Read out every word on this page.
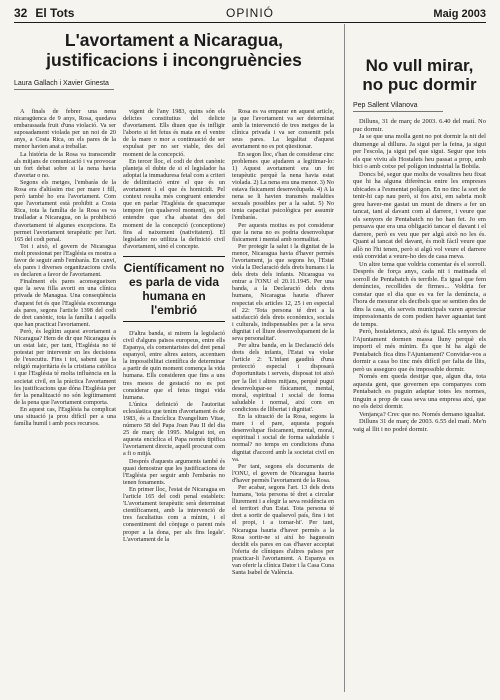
32 El Tots	OPINIÓ	Maig 2003
L'avortament a Nicaragua, justificacions i incongruències
Laura Gallach i Xavier Ginesta

A finals de febrer una nena nicaragüenca de 9 anys, Rosa, quedava embarassada fruit d'una violació. Va ser suposadament violada per un noi de 20 anys, a Costa Rica, on els pares de la menor havien anat a treballar.

La història de la Rosa va transcendir als mitjans de comunicació i va provocar un fort debat sobre si la nena havia d'avortar o no.

Segons els metges, l'embaràs de la Rosa era d'altíssim risc per mare i fill, però també ho era l'avortament. Com que l'avortament està prohibit a Costa Rica, tota la família de la Rosa es va traslladar a Nicaragua, on la prohibició d'avortament té algunes excepcions. Es permet l'avortament terapèutic per l'art. 165 del codi penal.

Tot i això, el govern de Nicaragua molt pressionat per l'Església es mostra a favor de seguir amb l'embaràs. En canvi, els pares i diverses organitzacions civils es declaren a favor de l'avortament.

Finalment els pares aconsegueixen que la seva filla avorti en una clínica privada de Managua. Una conseqüència d'aquest fet és que l'Església excomunga als pares, segons l'article 1398 del codi de dret canònic, tota la família i aquells que han practicat l'avortament.

Però, és legítim aquest avortament a Nicaragua? Hem de dir que Nicaragua és un estat laic, per tant, l'Església no té potestat per intervenir en les decisions de l'executiu. Fins i tot, sabent que la religió majoritària és la cristiana catòlica i que l'Església té molta influència en la societat civil, en la pràctica l'avortament les justificacions que dóna l'Església per fer la penalització no són legítimament de la pena que l'avortament comporta.

En aquest cas, l'Església ha complicat una situació ja prou difícil per a una família humil i amb pocs recursos.

vigent de l'any 1983, quins són els delictes constitutius del delicte d'avortament. Ells diuen que és infligir l'aborto si fet fetus és mata en el ventre de la mare o mor a continuació de ser expulsat per no ser viable, des del moment de la concepció.

En tercer lloc, el codi de dret canònic planteja el dubte de si el legislador ha adoptat la immaduresa fetal com a criteri de delimitació entre el que és un avortament i el que és homicidi. Pel context resulta més congruent entendre que en parlar l'Església de quacumque tempore (en qualsevol moment), es pot entendre que s'ha abastat des del moment de la concepció (conceptione) fins al naixement (nativitatem). El legislador no utilitza la definició civil d'avortament, sinó el concepte.

Científicament no es parla de vida humana en l'embrió

D'altra banda, si mirem la legislació civil d'alguns països europeus, entre ells Espanya, els comentaristes del dret penal espanyol, entre altres autors, accentuen la impossibilitat científica de determinar a partir de quin moment comença la vida humana. Ells consideren que fins a uns tres mesos de gestació no es pot considerar que el fetus tingui vida humana.

L'única definició de l'autoritat eclesiàstica que tenim d'avortament és de 1983, és a Encíclica Evangelium Vitae, número 58 del Papa Joan Pau II del dia 25 de març de 1995. Malgrat tot, en aquesta encíclica el Papa només tipifica l'avortament directe, aquell procurat com a fi o mitjà.

Després d'aquests arguments també és quasi demostrar que les justificacions de l'Església per seguir amb l'embaràs no tenen fonaments.

En primer lloc, l'estat de Nicaragua en l'article 165 del codi penal estableix: 'L'avortament terapèutic serà determinat científicament, amb la intervenció de tres facultatius com a mínim, i el consentiment del cònjuge o parent més proper a la dona, per als fins legals'. L'avortament de la

Rosa es va emparar en aquest article, ja que l'avortament va ser determinat amb la intervenció de tres metges de la clínica privada i va ser consentit pels seus pares. La legalitat d'aquest avortament no es pot qüestionar.

En segon lloc, s'han de considerar cinc problemes que ajudaren a legitimar-lo: 1) Aquest avortament era un fet terapèutic perquè la nena havia estat violada. 2) La nena era una menor. 3) No estava físicament desenvolupada. 4) A la nena se li havien transmès malalties sexuals possibles per a la salut. 5) No tenia capacitat psicològica per assumir l'embaràs.

Per aquests motius es pot considerar que la nena no es podria desenvolupar físicament i mental amb normalitat.

Per protegir la salut i la dignitat de la menor, Nicaragua havia d'haver permès l'avortament, ja que segons ho, l'Estat viola la Declaració dels drets humans i la dels drets dels infants. Nicaragua va entrar a l'ONU el 20.11.1945. Per una banda, a la Declaració dels drets humans, Nicaragua hauria d'haver respectat els articles 12, 25 i en especial el 22: 'Tota persona té dret a la satisfacció dels drets econòmics, socials i culturals, indispensables per a la seva dignitat i el lliure desenvolupament de la seva personalitat'.

Per altra banda, en la Declaració dels drets dels infants, l'Estat va violar l'article 2: 'L'infant gaudirà d'una protecció especial i disposarà d'oportunitats i serveis, disposat tot això per la llei i altres mitjans, perquè pugui desenvolupar-se físicament, mental, moral, espiritual i social de forma saludable i normal, així com en condicions de llibertat i dignitat'.

En la situació de la Rosa, segons la mare i el pare, aquesta pogués desenvolupar físicament, mental, moral, espiritual i social de forma saludable i normal? no temps en condicions d'una dignitat d'accord amb la societat civil en va.

Per tant, segons els documents de l'ONU, el govern de Nicaragua hauria d'haver permès l'avortament de la Rosa.

Per acabar, segons l'art. 13 dels drets humans, 'tota persona té dret a circular lliurement i a elegir la seva residència en el territori d'un Estat. Tota persona té dret a sortir de qualsevol país, fins i tot el propi, i a tornar-hi'. Per tant, Nicaragua hauria d'haver permès a la Rosa sortir-ne si així ho haguessin decidit els pares en cas d'haver acceptat l'oferta de clíniques d'altres països per practicar-li l'avortament. A Espanya es van oferir la clínica Dator i la Casa Cuna Santa Isabel de València.

No vull mirar, no puc dormir
Pep Sallent Vilanova

Dilluns, 31 de març de 2003. 6.40 del matí. No puc dormir.

Ja se que una molla gent no pot dormir la nit del diumenge al dilluns. Ja sigui per la feina, ja sigui per l'escola, ja sigui pel que sigui. Segur que tots els que viviu als Hostalets heu passat a prop, amb bici o amb cotxe pel polígon industrial la Bobila.

Doncs bé, segur que molts de vosaltres heu fixat que hi ha alguna diferència entre les empreses ubicades a l'esmentat polígon. En no tinc la sort de tenir-hi cap nau però, si fos així, em sabria molt greu haver-me gastat un munt de diners a fer un tancat, tant al davant com al darrere, i veure que els senyors de Pentabatch no ho han fet. Jo em pensava que era una obligació tancar el davant i el darrere, però es veu que per algú això no les és. Quant al tancat del davant, és molt fàcil veure que allò no l'hi tenen, però si algú vol veure el darrere està convidat a veure-ho des de casa meva.

Un altre tema que voldria comentar és el sorroll. Després de força anys, cada nit i matinada el sorroll de Pentabatch és terrible. És igual que fem denúncies, recollides de firmes... Voldria fer constar que el dia que es va fer la denúncia, a l'hora de mesurar els decibels que se sentien des de dins la casa, els serveis municipals varen apreciar impressionants de com podien haver aguantat tant de temps.

Però, hostaletencs, això és igual. Els senyors de l'Ajuntament dormen massa lluny perquè els importi el més mínim. És que hi ha algú de Pentabatch fica dins l'Ajuntament? Convidar-vos a dormir a casa bo tinc més difícil per falta de llits, però us asseguro que és impossible dormir.

Només em queda desitjar que, algun dia, tota aquesta gent, que governen eps companyes com Pentabatch es puguin adaptar totes les normes, tinguin a prop de casa seva una empresa així, que no els deixi dormir.

Venjança? Crec que no. Només demano igualtat.

Dilluns 31 de març de 2003. 6.55 del matí. Me'n vaig al llit i no podré dormir.
